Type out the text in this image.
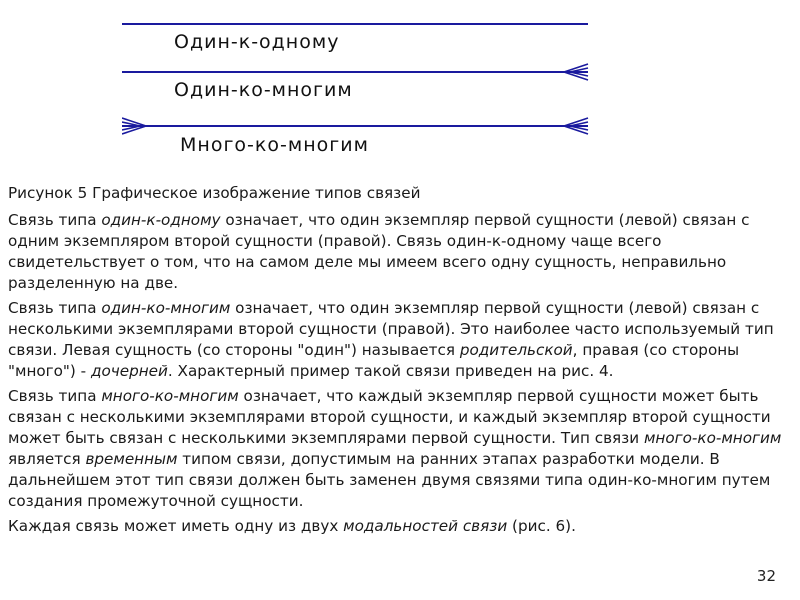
Один-к-одному
Один-ко-многим
Много-ко-многим

Рисунок 5 Графическое изображение типов связей

Связь типа один-к-одному означает, что один экземпляр первой сущности (левой) связан с одним экземпляром второй сущности (правой). Связь один-к-одному чаще всего свидетельствует о том, что на самом деле мы имеем всего одну сущность, неправильно разделенную на две.

Связь типа один-ко-многим означает, что один экземпляр первой сущности (левой) связан с несколькими экземплярами второй сущности (правой). Это наиболее часто используемый тип связи. Левая сущность (со стороны "один") называется родительской, правая (со стороны "много") - дочерней. Характерный пример такой связи приведен на рис. 4.

Связь типа много-ко-многим означает, что каждый экземпляр первой сущности может быть связан с несколькими экземплярами второй сущности, и каждый экземпляр второй сущности может быть связан с несколькими экземплярами первой сущности. Тип связи много-ко-многим является временным типом связи, допустимым на ранних этапах разработки модели. В дальнейшем этот тип связи должен быть заменен двумя связями типа один-ко-многим путем создания промежуточной сущности.

Каждая связь может иметь одну из двух модальностей связи (рис. 6).

32
